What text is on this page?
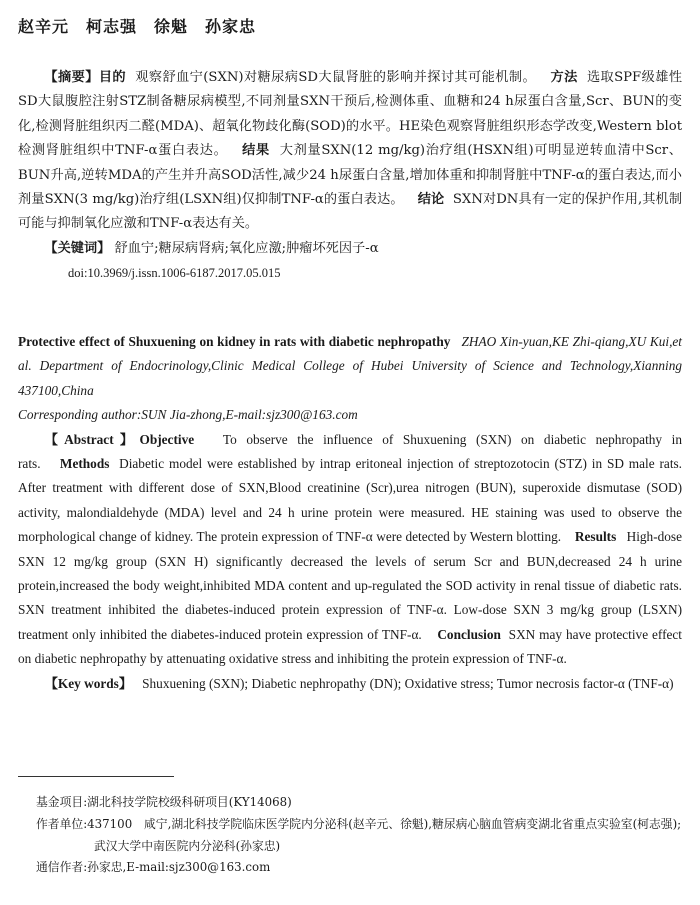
赵辛元　柯志强　徐魁　孙家忠

【摘要】目的 观察舒血宁(SXN)对糖尿病SD大鼠肾脏的影响并探讨其可能机制。 方法 选取SPF级雄性SD大鼠腹腔注射STZ制备糖尿病模型,不同剂量SXN干预后,检测体重、血糖和24 h尿蛋白含量,Scr、BUN的变化,检测肾脏组织丙二醛(MDA)、超氧化物歧化酶(SOD)的水平。HE染色观察肾脏组织形态学改变,Western blot检测肾脏组织中TNF-α蛋白表达。 结果 大剂量SXN(12 mg/kg)治疗组(HSXN组)可明显逆转血清中Scr、BUN升高,逆转MDA的产生并升高SOD活性,减少24 h尿蛋白含量,增加体重和抑制肾脏中TNF-α的蛋白表达,而小剂量SXN(3 mg/kg)治疗组(LSXN组)仅抑制TNF-α的蛋白表达。 结论 SXN对DN具有一定的保护作用,其机制可能与抑制氧化应激和TNF-α表达有关。

【关键词】 舒血宁;糖尿病肾病;氧化应激;肿瘤坏死因子-α

doi:10.3969/j.issn.1006-6187.2017.05.015

Protective effect of Shuxuening on kidney in rats with diabetic nephropathy ZHAO Xin-yuan,KE Zhi-qiang,XU Kui,et al. Department of Endocrinology,Clinic Medical College of Hubei University of Science and Technology,Xianning 437100,China

Corresponding author:SUN Jia-zhong,E-mail:sjz300@163.com

【Abstract】Objective To observe the influence of Shuxuening (SXN) on diabetic nephropathy in rats. Methods Diabetic model were established by intrap eritoneal injection of streptozotocin (STZ) in SD male rats. After treatment with different dose of SXN,Blood creatinine (Scr),urea nitrogen (BUN), superoxide dismutase (SOD) activity, malondialdehyde (MDA) level and 24 h urine protein were measured. HE staining was used to observe the morphological change of kidney. The protein expression of TNF-α were detected by Western blotting. Results High-dose SXN 12 mg/kg group (SXN H) significantly decreased the levels of serum Scr and BUN,decreased 24 h urine protein,increased the body weight,inhibited MDA content and up-regulated the SOD activity in renal tissue of diabetic rats. SXN treatment inhibited the diabetes-induced protein expression of TNF-α. Low-dose SXN 3 mg/kg group (LSXN) treatment only inhibited the diabetes-induced protein expression of TNF-α. Conclusion SXN may have protective effect on diabetic nephropathy by attenuating oxidative stress and inhibiting the protein expression of TNF-α.

【Key words】 Shuxuening (SXN); Diabetic nephropathy (DN); Oxidative stress; Tumor necrosis factor-α (TNF-α)

基金项目:湖北科技学院校级科研项目(KY14068)

作者单位:437100　咸宁,湖北科技学院临床医学院内分泌科(赵辛元、徐魁),糖尿病心脑血管病变湖北省重点实验室(柯志强);武汉大学中南医院内分泌科(孙家忠)

通信作者:孙家忠,E-mail:sjz300@163.com
